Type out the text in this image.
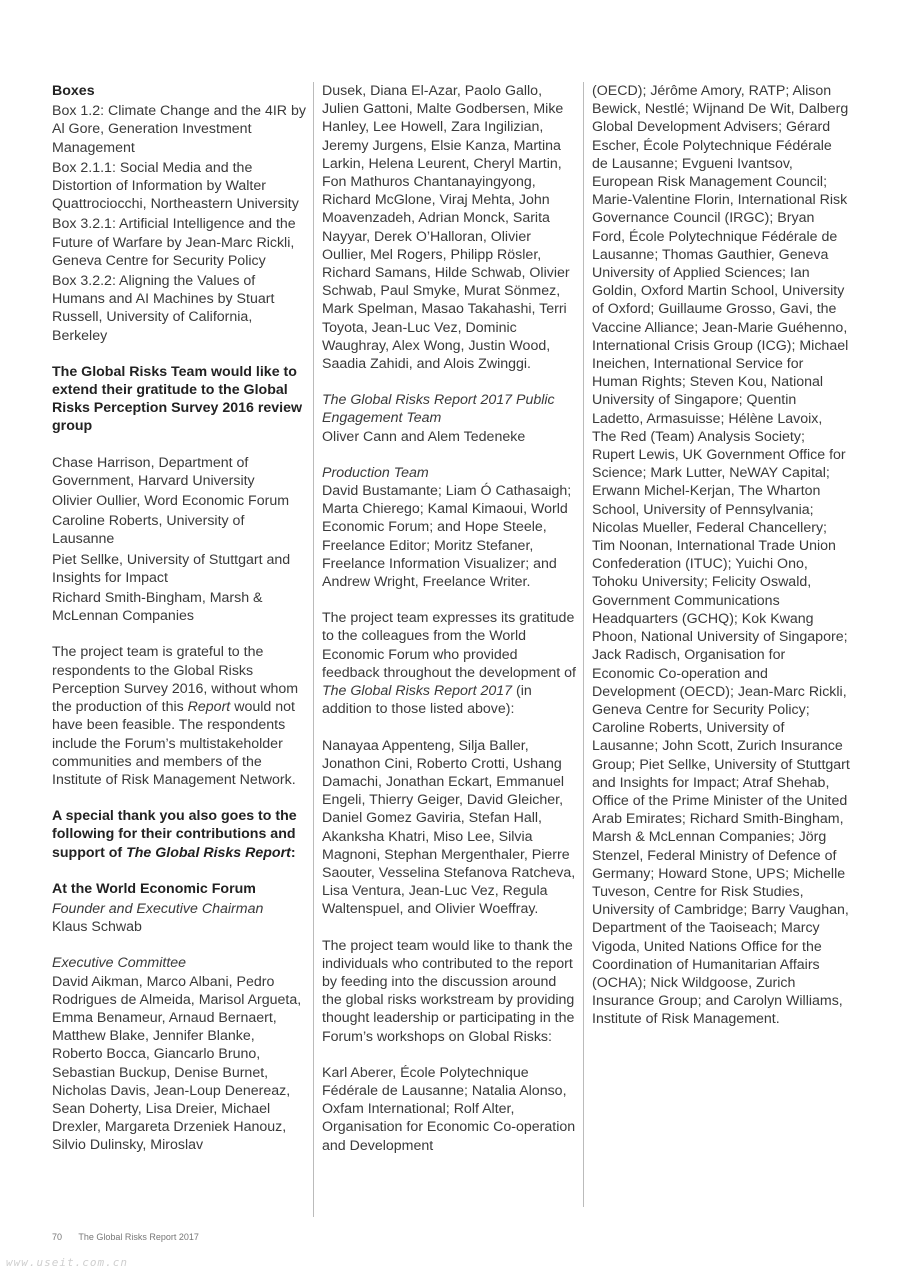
Boxes
Box 1.2: Climate Change and the 4IR by Al Gore, Generation Investment Management
Box 2.1.1: Social Media and the Distortion of Information by Walter Quattrociocchi, Northeastern University
Box 3.2.1: Artificial Intelligence and the Future of Warfare by Jean-Marc Rickli, Geneva Centre for Security Policy
Box 3.2.2: Aligning the Values of Humans and AI Machines by Stuart Russell, University of California, Berkeley
The Global Risks Team would like to extend their gratitude to the Global Risks Perception Survey 2016 review group
Chase Harrison, Department of Government, Harvard University
Olivier Oullier, Word Economic Forum
Caroline Roberts, University of Lausanne
Piet Sellke, University of Stuttgart and Insights for Impact
Richard Smith-Bingham, Marsh & McLennan Companies
The project team is grateful to the respondents to the Global Risks Perception Survey 2016, without whom the production of this Report would not have been feasible. The respondents include the Forum’s multistakeholder communities and members of the Institute of Risk Management Network.
A special thank you also goes to the following for their contributions and support of The Global Risks Report:
At the World Economic Forum
Founder and Executive Chairman
Klaus Schwab
Executive Committee
David Aikman, Marco Albani, Pedro Rodrigues de Almeida, Marisol Argueta, Emma Benameur, Arnaud Bernaert, Matthew Blake, Jennifer Blanke, Roberto Bocca, Giancarlo Bruno, Sebastian Buckup, Denise Burnet, Nicholas Davis, Jean-Loup Denereaz, Sean Doherty, Lisa Dreier, Michael Drexler, Margareta Drzeniek Hanouz, Silvio Dulinsky, Miroslav
Dusek, Diana El-Azar, Paolo Gallo, Julien Gattoni, Malte Godbersen, Mike Hanley, Lee Howell, Zara Ingilizian, Jeremy Jurgens, Elsie Kanza, Martina Larkin, Helena Leurent, Cheryl Martin, Fon Mathuros Chantanayingyong, Richard McGlone, Viraj Mehta, John Moavenzadeh, Adrian Monck, Sarita Nayyar, Derek O’Halloran, Olivier Oullier, Mel Rogers, Philipp Rösler, Richard Samans, Hilde Schwab, Olivier Schwab, Paul Smyke, Murat Sönmez, Mark Spelman, Masao Takahashi, Terri Toyota, Jean-Luc Vez, Dominic Waughray, Alex Wong, Justin Wood, Saadia Zahidi, and Alois Zwinggi.
The Global Risks Report 2017 Public Engagement Team
Oliver Cann and Alem Tedeneke
Production Team
David Bustamante; Liam Ó Cathasaigh; Marta Chierego; Kamal Kimaoui, World Economic Forum; and Hope Steele, Freelance Editor; Moritz Stefaner, Freelance Information Visualizer; and Andrew Wright, Freelance Writer.
The project team expresses its gratitude to the colleagues from the World Economic Forum who provided feedback throughout the development of The Global Risks Report 2017 (in addition to those listed above):
Nanayaa Appenteng, Silja Baller, Jonathon Cini, Roberto Crotti, Ushang Damachi, Jonathan Eckart, Emmanuel Engeli, Thierry Geiger, David Gleicher, Daniel Gomez Gaviria, Stefan Hall, Akanksha Khatri, Miso Lee, Silvia Magnoni, Stephan Mergenthaler, Pierre Saouter, Vesselina Stefanova Ratcheva, Lisa Ventura, Jean-Luc Vez, Regula Waltenspuel, and Olivier Woeffray.
The project team would like to thank the individuals who contributed to the report by feeding into the discussion around the global risks workstream by providing thought leadership or participating in the Forum’s workshops on Global Risks:
Karl Aberer, École Polytechnique Fédérale de Lausanne; Natalia Alonso, Oxfam International; Rolf Alter, Organisation for Economic Co-operation and Development
(OECD); Jérôme Amory, RATP; Alison Bewick, Nestlé; Wijnand De Wit, Dalberg Global Development Advisers; Gérard Escher, École Polytechnique Fédérale de Lausanne; Evgueni Ivantsov, European Risk Management Council; Marie-Valentine Florin, International Risk Governance Council (IRGC); Bryan Ford, École Polytechnique Fédérale de Lausanne; Thomas Gauthier, Geneva University of Applied Sciences; Ian Goldin, Oxford Martin School, University of Oxford; Guillaume Grosso, Gavi, the Vaccine Alliance; Jean-Marie Guéhenno, International Crisis Group (ICG); Michael Ineichen, International Service for Human Rights; Steven Kou, National University of Singapore; Quentin Ladetto, Armasuisse; Hélène Lavoix, The Red (Team) Analysis Society; Rupert Lewis, UK Government Office for Science; Mark Lutter, NeWAY Capital; Erwann Michel-Kerjan, The Wharton School, University of Pennsylvania; Nicolas Mueller, Federal Chancellery; Tim Noonan, International Trade Union Confederation (ITUC); Yuichi Ono, Tohoku University; Felicity Oswald, Government Communications Headquarters (GCHQ); Kok Kwang Phoon, National University of Singapore; Jack Radisch, Organisation for Economic Co-operation and Development (OECD); Jean-Marc Rickli, Geneva Centre for Security Policy; Caroline Roberts, University of Lausanne; John Scott, Zurich Insurance Group; Piet Sellke, University of Stuttgart and Insights for Impact; Atraf Shehab, Office of the Prime Minister of the United Arab Emirates; Richard Smith-Bingham, Marsh & McLennan Companies; Jörg Stenzel, Federal Ministry of Defence of Germany; Howard Stone, UPS; Michelle Tuveson, Centre for Risk Studies, University of Cambridge; Barry Vaughan, Department of the Taoiseach; Marcy Vigoda, United Nations Office for the Coordination of Humanitarian Affairs (OCHA); Nick Wildgoose, Zurich Insurance Group; and Carolyn Williams, Institute of Risk Management.
70 The Global Risks Report 2017
www.useit.com.cn
